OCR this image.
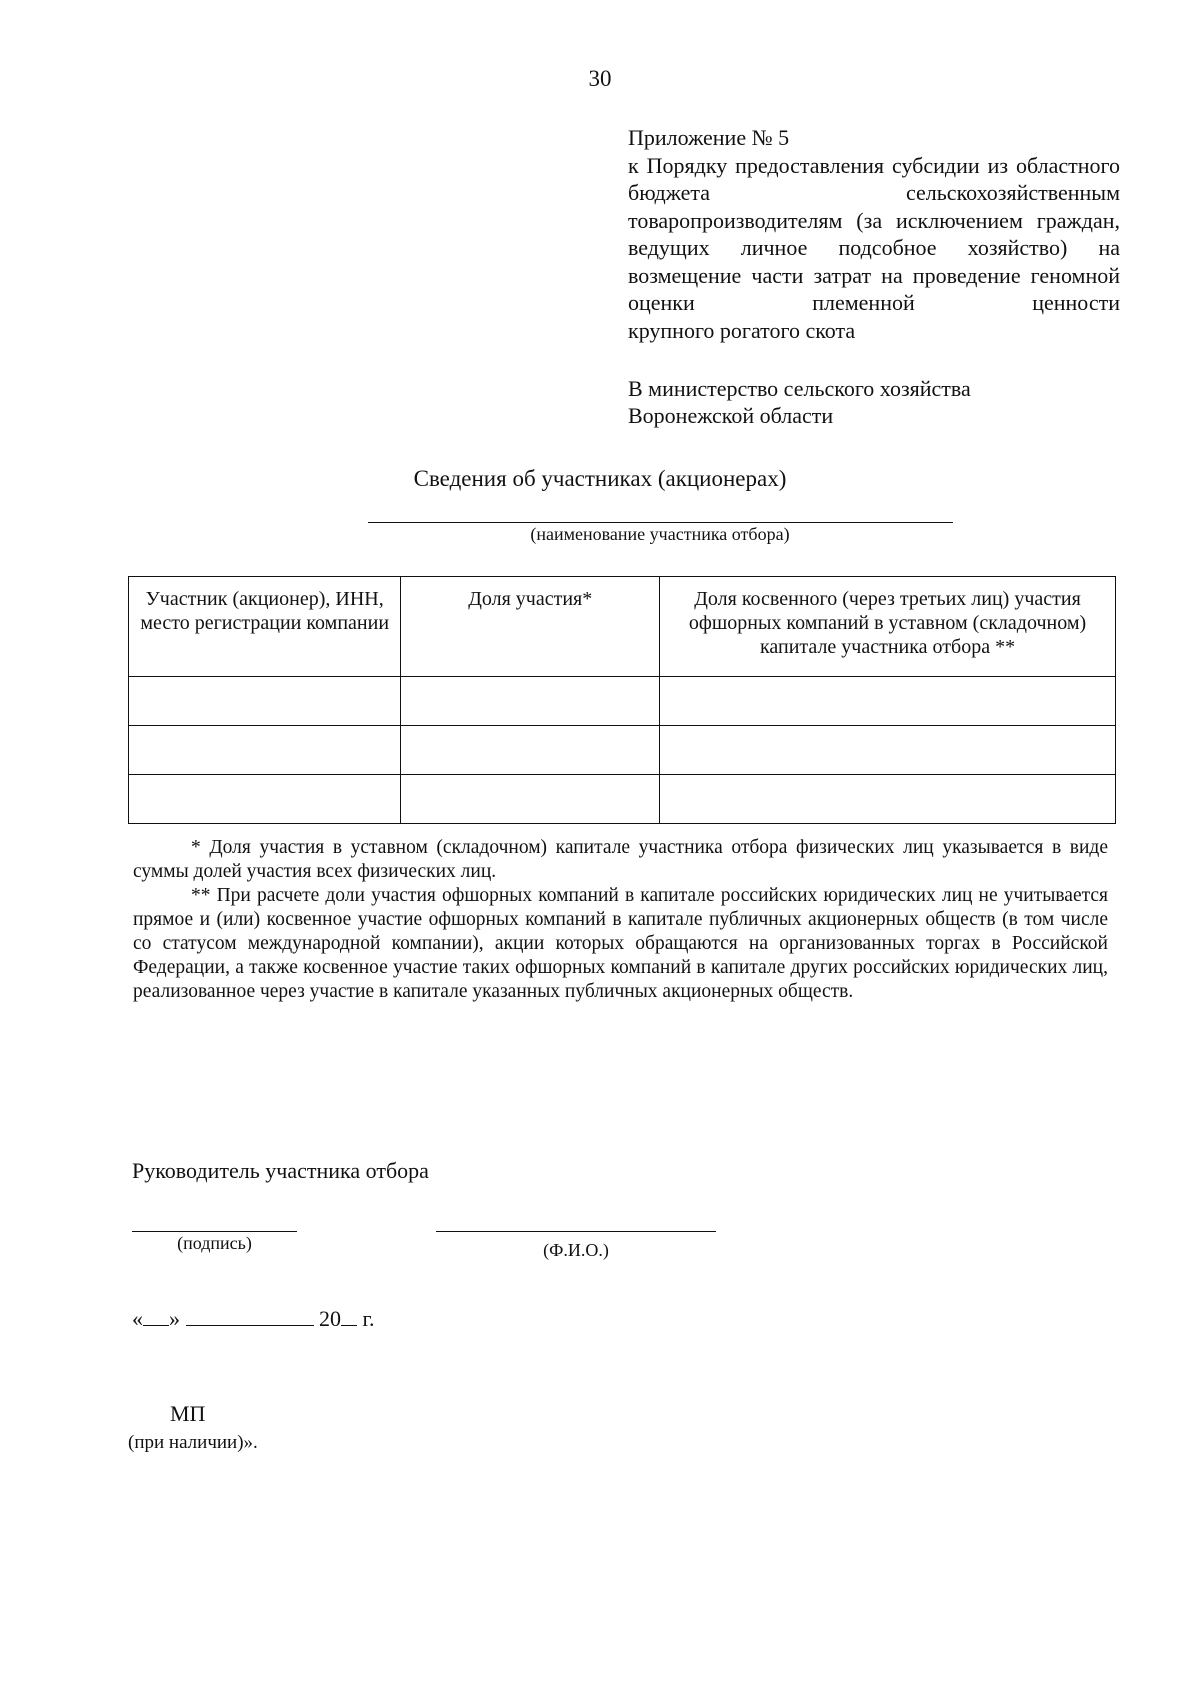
30
Приложение № 5
к Порядку предоставления субсидии из областного бюджета сельскохозяйственным товаропроизводителям (за исключением граждан, ведущих личное подсобное хозяйство) на возмещение части затрат на проведение геномной оценки племенной ценности
крупного рогатого скота
В министерство сельского хозяйства
Воронежской области
Сведения об участниках (акционерах)
(наименование участника отбора)
Участник (акционер), ИНН, место регистрации компании	Доля участия*	Доля косвенного (через третьих лиц) участия офшорных компаний в уставном (складочном) капитале участника отбора **

* Доля участия в уставном (складочном) капитале участника отбора физических лиц указывается в виде суммы долей участия всех физических лиц.

** При расчете доли участия офшорных компаний в капитале российских юридических лиц не учитывается прямое и (или) косвенное участие офшорных компаний в капитале публичных акционерных обществ (в том числе со статусом международной компании), акции которых обращаются на организованных торгах в Российской Федерации, а также косвенное участие таких офшорных компаний в капитале других российских юридических лиц, реализованное через участие в капитале указанных публичных акционерных обществ.

Руководитель участника отбора
(подпись)	(Ф.И.О.)
« »	20 г.
МП
(при наличии)».
